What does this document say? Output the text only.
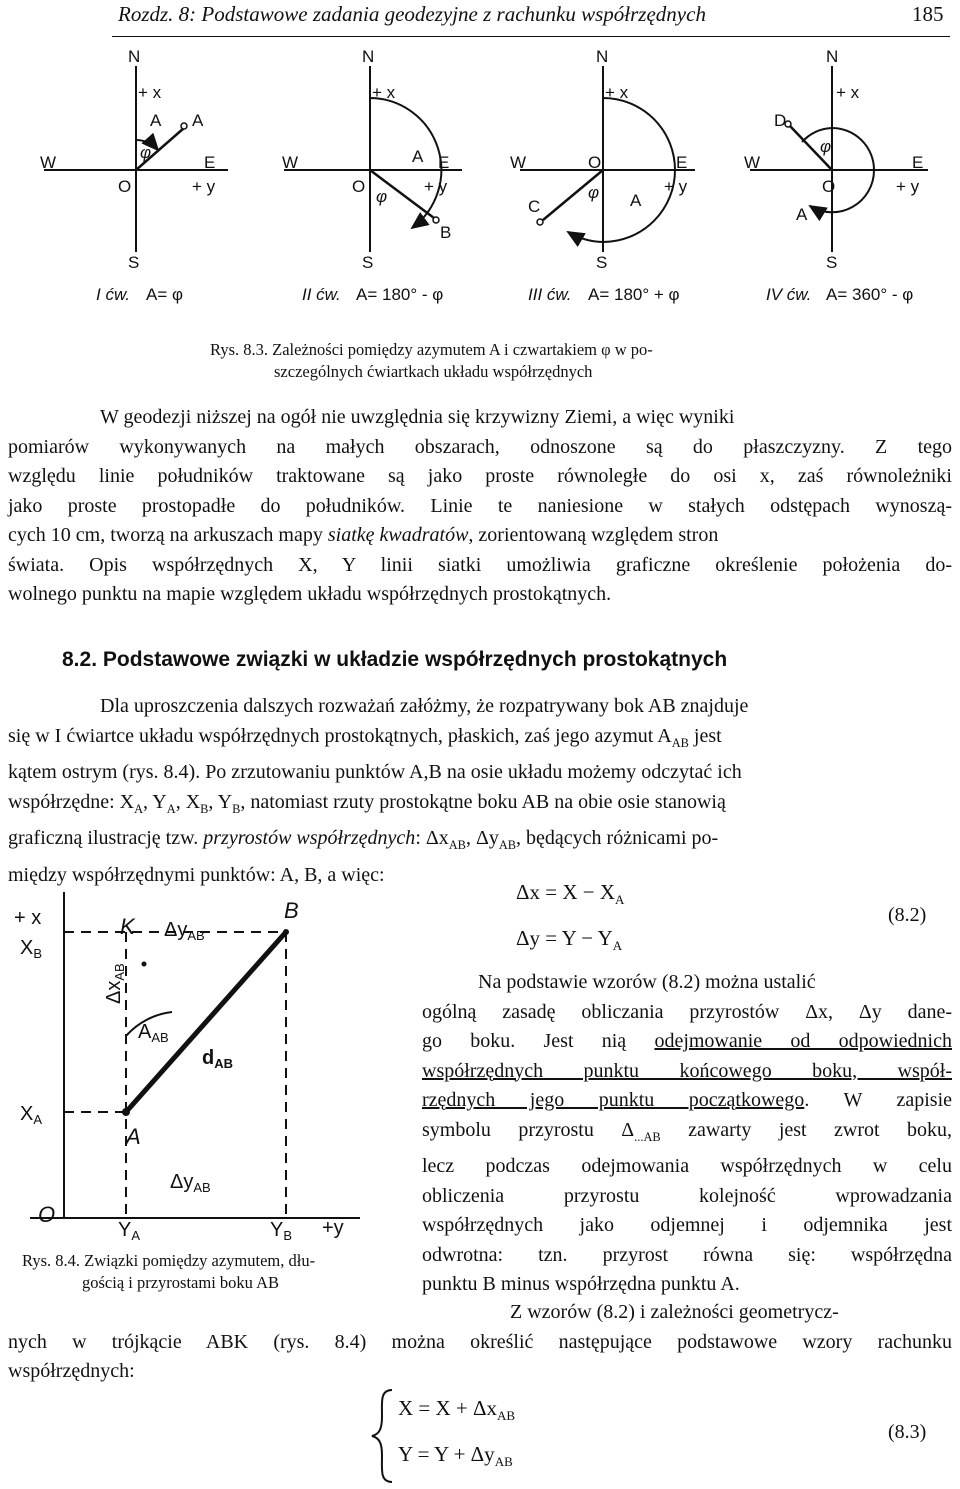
Rozdz. 8: Podstawowe zadania geodezyjne z rachunku współrzędnych	185
N
+ x
A A
φ
W	E
O	+ y
S
N
+ x
W	A E
O
φ
+ y
B
S
N
+ x
W	O	E
φ	+ y
A
C
S
N
+ x
D
φ
W	E
O	+ y
A
S
I ćw. A= φ	II ćw. A= 180° - φ	III ćw. A= 180° + φ	IV ćw. A= 360° - φ
Rys. 8.3. Zależności pomiędzy azymutem A i czwartakiem φ w po-
szczególnych ćwiartkach układu współrzędnych
W geodezji niższej na ogół nie uwzględnia się krzywizny Ziemi, a więc wyniki
pomiarów wykonywanych na małych obszarach, odnoszone są do płaszczyzny. Z tego
względu linie południków traktowane są jako proste równoległe do osi x, zaś równoleżniki
jako proste prostopadłe do południków. Linie te naniesione w stałych odstępach wynoszą-
cych 10 cm, tworzą na arkuszach mapy siatkę kwadratów, zorientowaną względem stron
świata. Opis współrzędnych X, Y linii siatki umożliwia graficzne określenie położenia do-
wolnego punktu na mapie względem układu współrzędnych prostokątnych.
8.2. Podstawowe związki w układzie współrzędnych prostokątnych
Dla uproszczenia dalszych rozważań załóżmy, że rozpatrywany bok AB znajduje
się w I ćwiartce układu współrzędnych prostokątnych, płaskich, zaś jego azymut $A_{AB}$ jest
kątem ostrym (rys. 8.4). Po zrzutowaniu punktów A,B na osie układu możemy odczytać ich
współrzędne: $X_A$, $Y_A$, $X_B$, $Y_B$, natomiast rzuty prostokątne boku AB na obie osie stanowią
graficzną ilustrację tzw. przyrostów współrzędnych: $\Delta x_{AB}$, $\Delta y_{AB}$, będących różnicami po-
między współrzędnymi punktów: A, B, a więc:
$\Delta x = X - X_A$
$\Delta y = Y - Y_A$
(8.2)
+ x
$X_B$
$X_A$
$\Delta y_{AB}$
$A_{AB}$
$d_{AB}$
$\Delta y_{AB}$
$Y_A$	$Y_B +y$
$\Delta x_{AB}$
K
B
A
O
Rys. 8.4. Związki pomiędzy azymutem, dłu-
gością i przyrostami boku AB
Na podstawie wzorów (8.2) można ustalić
ogólną zasadę obliczania przyrostów Δx, Δy dane-
go boku. Jest nią odejmowanie od odpowiednich
współrzędnych punktu końcowego boku, współ-
rzędnych jego punktu początkowego. W zapisie
symbolu przyrostu $\Delta_{...AB}$ zawarty jest zwrot boku,
lecz podczas odejmowania współrzędnych w celu
obliczenia przyrostu kolejność wprowadzania
współrzędnych jako odjemnej i odjemnika jest
odwrotna: tzn. przyrost równa się: współrzędna
punktu B minus współrzędna punktu A.
Z wzorów (8.2) i zależności geometrycz-
nych w trójkącie ABK (rys. 8.4) można określić następujące podstawowe wzory rachunku
współrzędnych:
$X = X + \Delta x_{AB}$
$Y = Y + \Delta y_{AB}$
(8.3)
